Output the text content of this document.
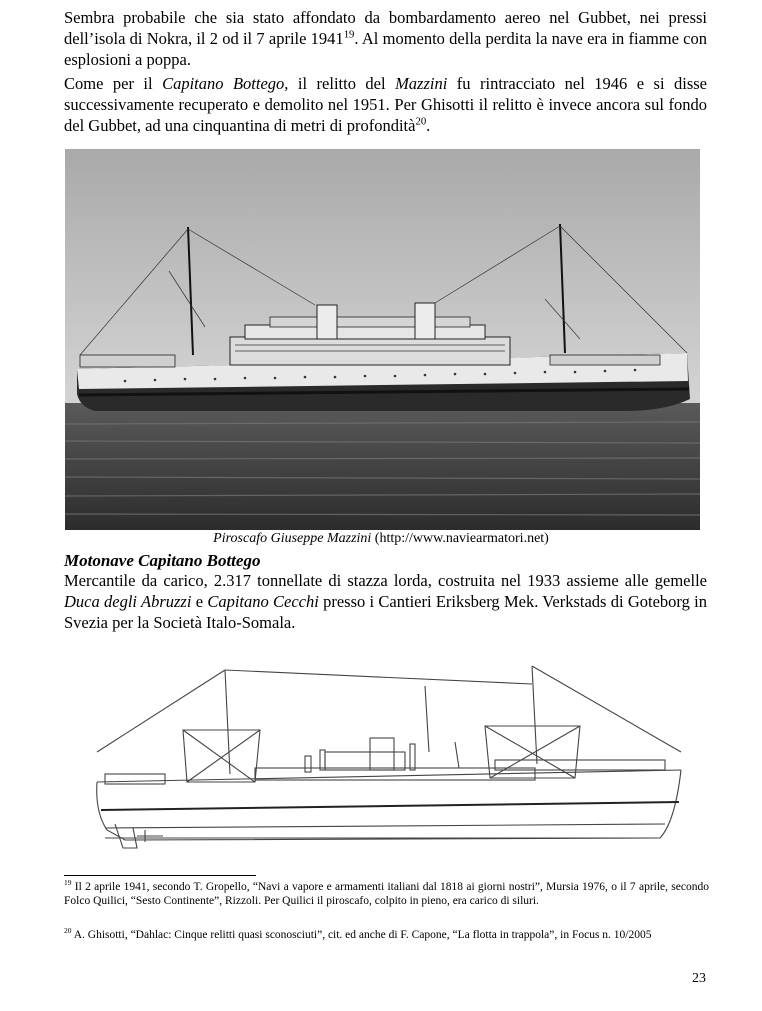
Sembra probabile che sia stato affondato da bombardamento aereo nel Gubbet, nei pressi dell’isola di Nokra, il 2 od il 7 aprile 1941$^{19}$. Al momento della perdita la nave era in fiamme con esplosioni a poppa.

Come per il Capitano Bottego, il relitto del Mazzini fu rintracciato nel 1946 e si disse successivamente recuperato e demolito nel 1951. Per Ghisotti il relitto è invece ancora sul fondo del Gubbet, ad una cinquantina di metri di profondità$^{20}$.

Piroscafo Giuseppe Mazzini (http://www.naviearmatori.net)
Motonave Capitano Bottego

Mercantile da carico, 2.317 tonnellate di stazza lorda, costruita nel 1933 assieme alle gemelle Duca degli Abruzzi e Capitano Cecchi presso i Cantieri Eriksberg Mek. Verkstads di Goteborg in Svezia per la Società Italo-Somala.

$^{19}$ Il 2 aprile 1941, secondo T. Gropello, “Navi a vapore e armamenti italiani dal 1818 ai giorni nostri”, Mursia 1976, o il 7 aprile, secondo Folco Quilici, “Sesto Continente”, Rizzoli. Per Quilici il piroscafo, colpito in pieno, era carico di siluri.

$^{20}$ A. Ghisotti, “Dahlac: Cinque relitti quasi sconosciuti”, cit. ed anche di F. Capone, “La flotta in trappola”, in Focus n. 10/2005

23
